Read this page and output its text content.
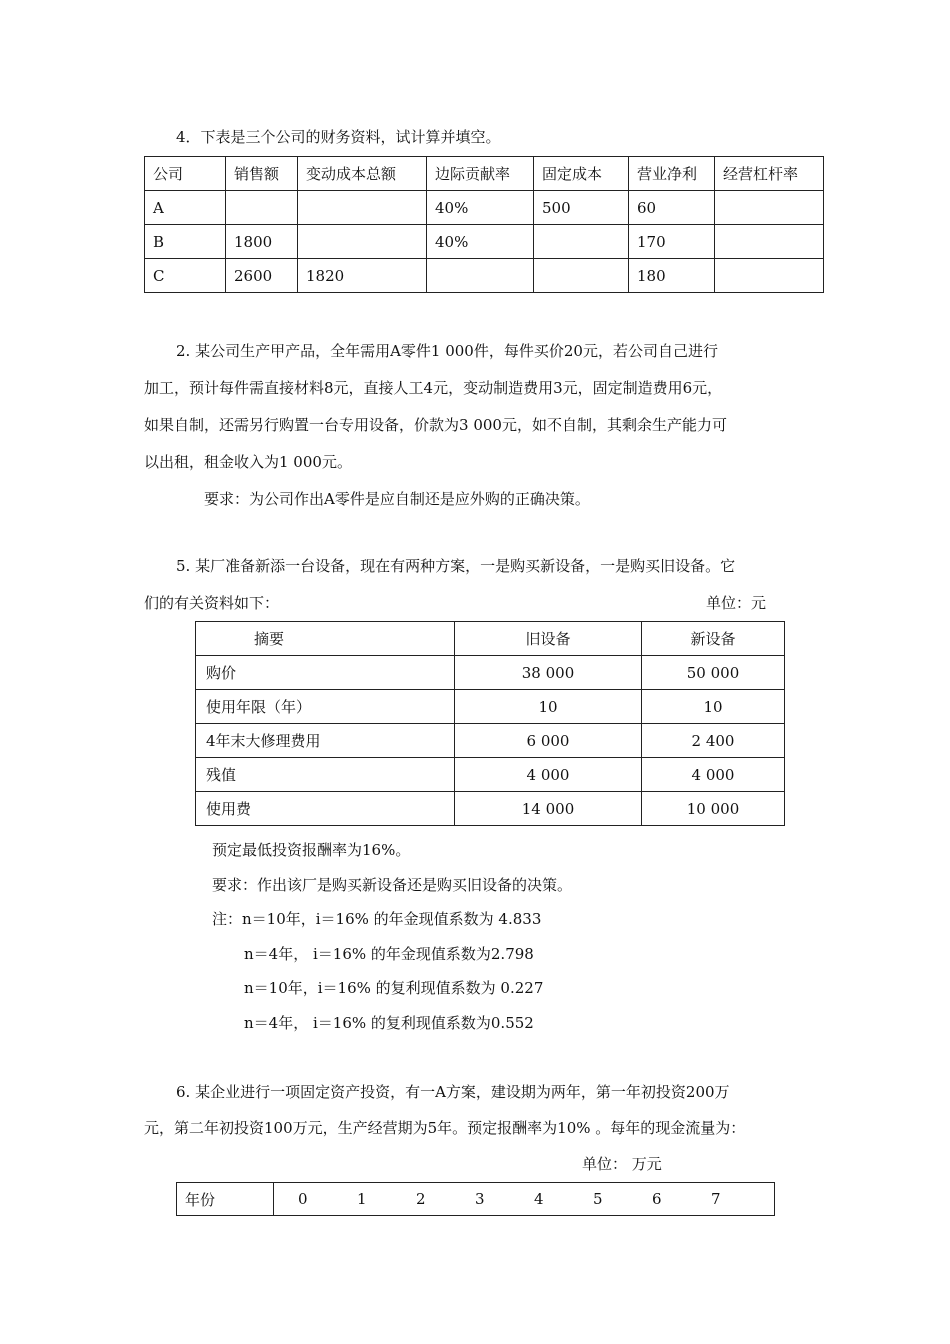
4．下表是三个公司的财务资料，试计算并填空。
公司	销售额	变动成本总额	边际贡献率	固定成本	营业净利	经营杠杆率
A			40%	500	60	
B	1800		40%		170	
C	2600	1820			180	
2. 某公司生产甲产品，全年需用A零件1 000件，每件买价20元，若公司自己进行
加工，预计每件需直接材料8元，直接人工4元，变动制造费用3元，固定制造费用6元，
如果自制，还需另行购置一台专用设备，价款为3 000元，如不自制，其剩余生产能力可
以出租，租金收入为1 000元。
要求：为公司作出A零件是应自制还是应外购的正确决策。
5. 某厂准备新添一台设备，现在有两种方案，一是购买新设备，一是购买旧设备。它
们的有关资料如下：	单位：元
摘要	旧设备	新设备
购价	38 000	50 000
使用年限（年）	10	10
4年末大修理费用	6 000	2 400
残值	4 000	4 000
使用费	14 000	10 000
预定最低投资报酬率为16%。
要求：作出该厂是购买新设备还是购买旧设备的决策。
注：n＝10年，i＝16% 的年金现值系数为 4.833
n＝4年， i＝16% 的年金现值系数为2.798
n＝10年，i＝16% 的复利现值系数为 0.227
n＝4年， i＝16% 的复利现值系数为0.552
6. 某企业进行一项固定资产投资，有一A方案，建设期为两年，第一年初投资200万
元，第二年初投资100万元，生产经营期为5年。预定报酬率为10% 。每年的现金流量为：
单位： 万元
年份	0	1	2	3	4	5	6	7
